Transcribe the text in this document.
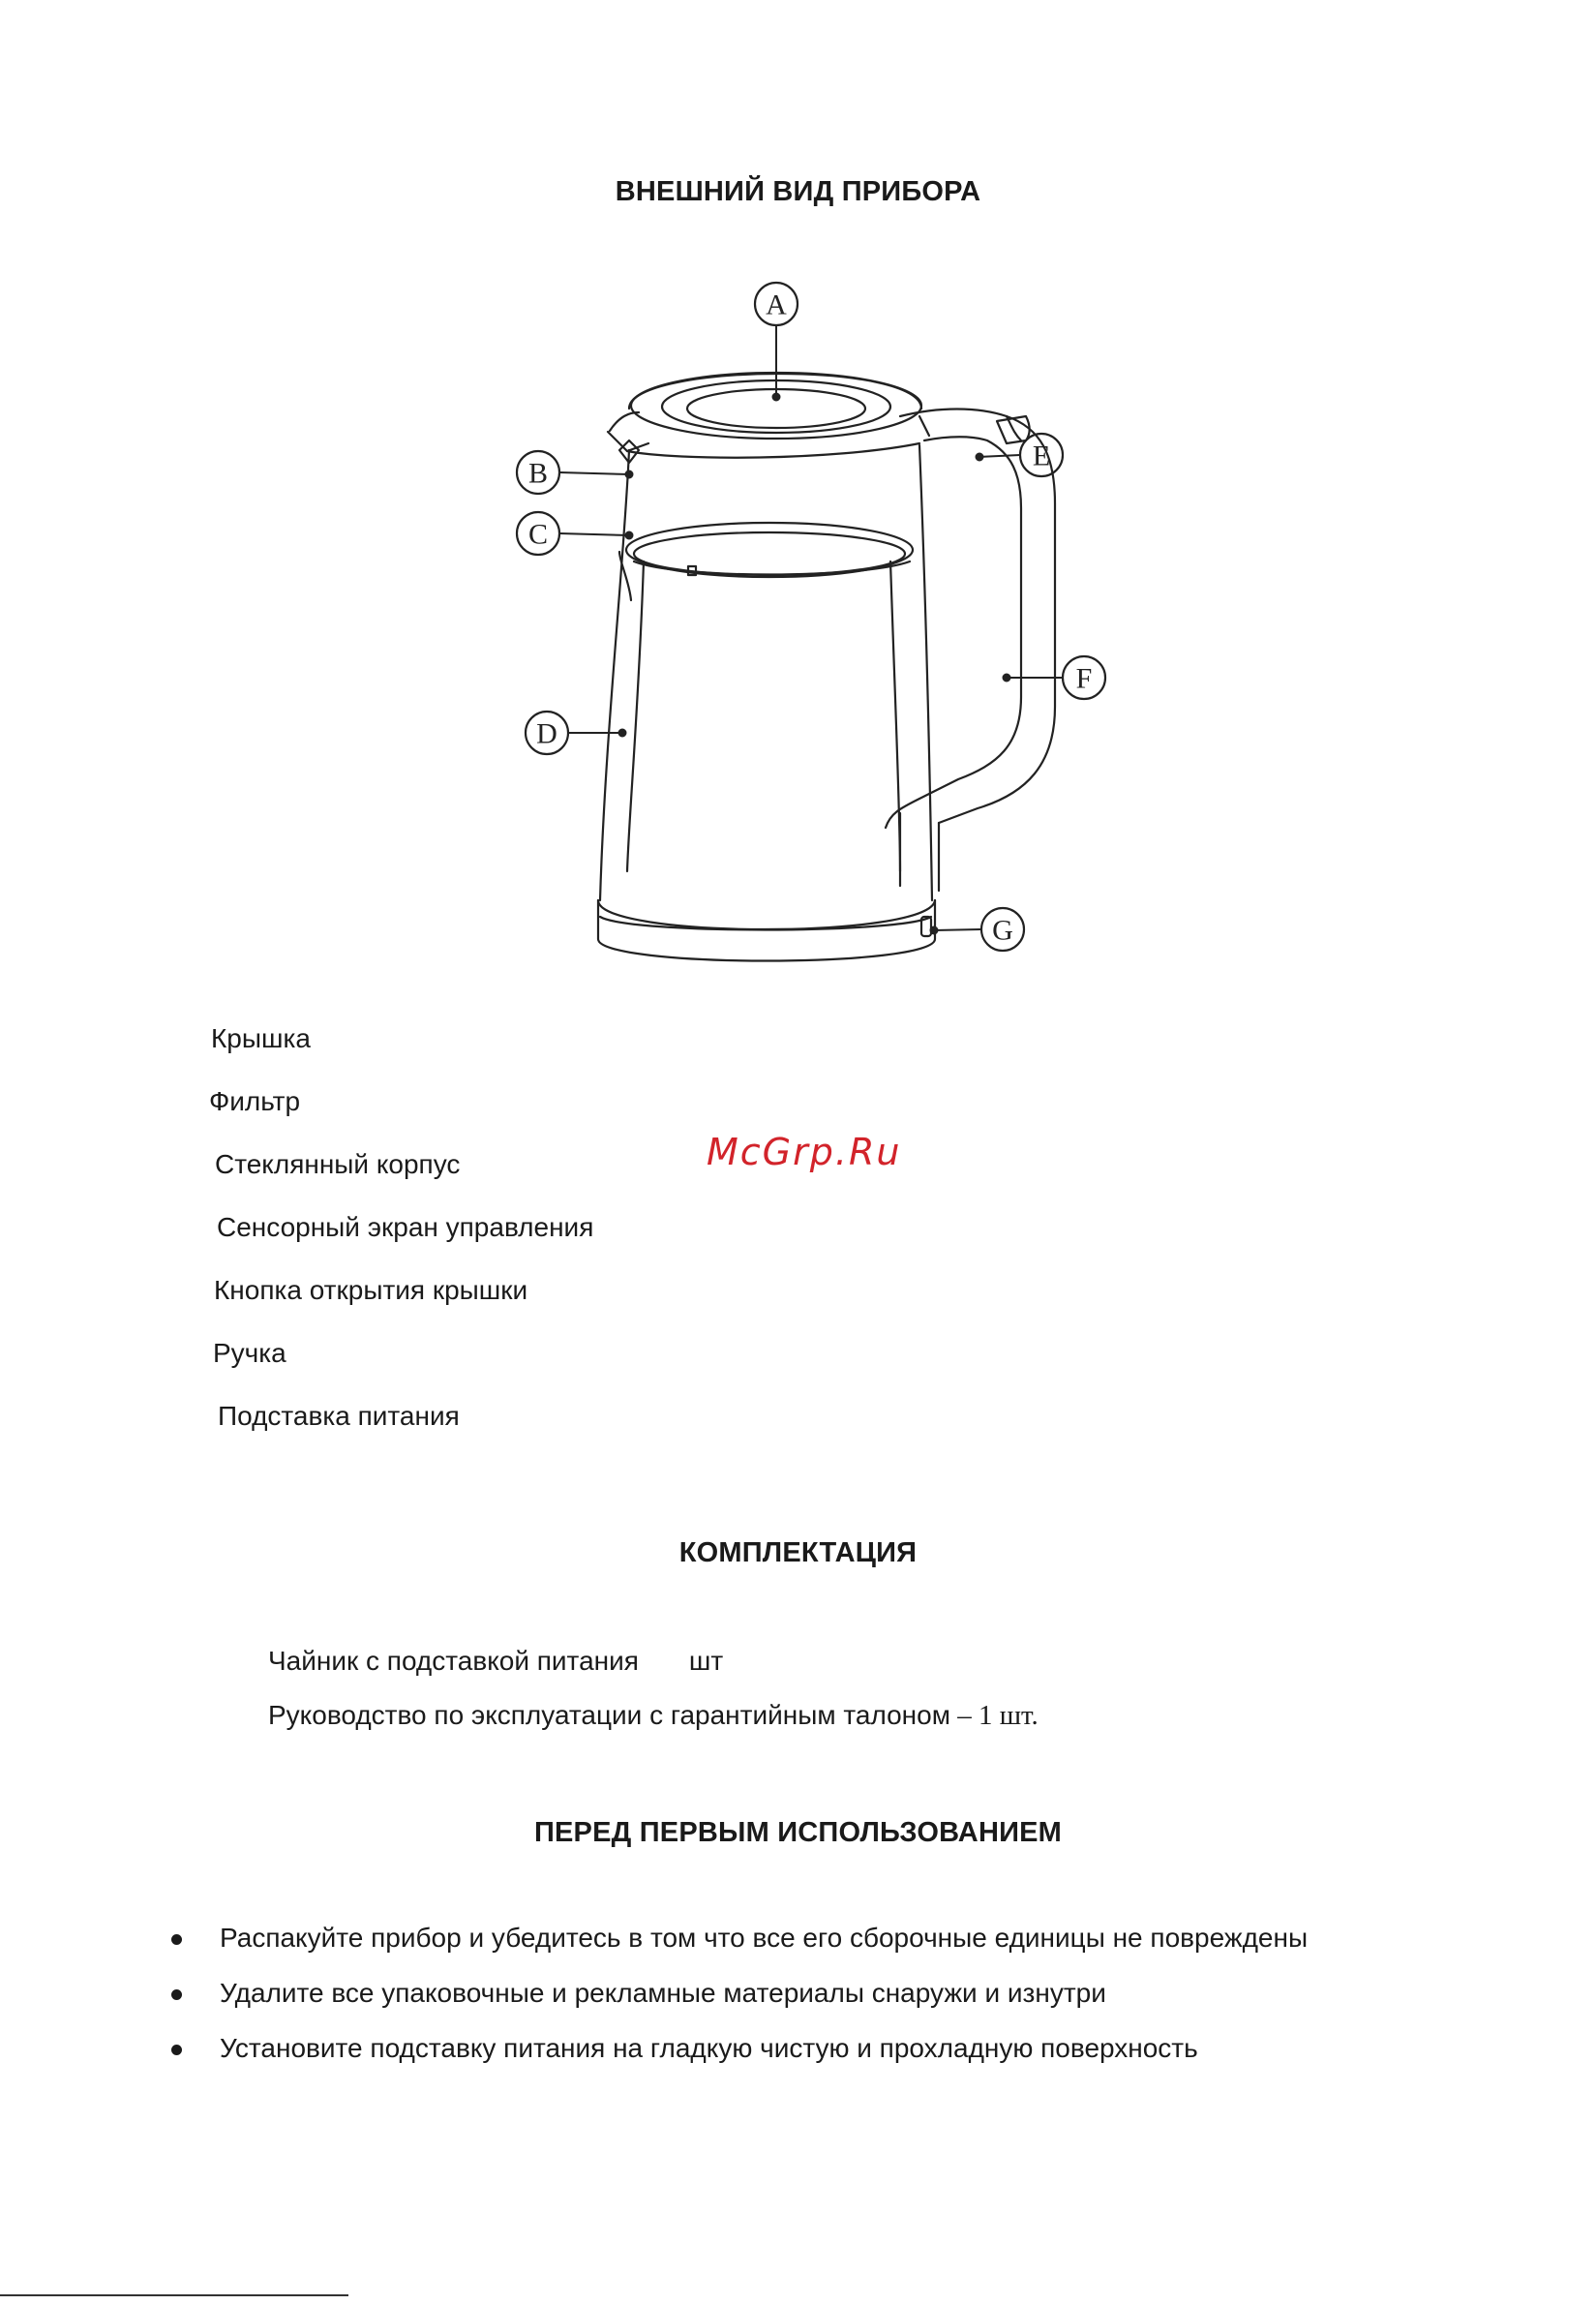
ВНЕШНИЙ ВИД ПРИБОРА
A
B
C
D
E
F
G
Крышка
Фильтр
Стеклянный корпус
Сенсорный экран управления
Кнопка открытия крышки
Ручка
Подставка питания
McGrp.Ru
КОМПЛЕКТАЦИЯ
Чайник с подставкой питания шт
Руководство по эксплуатации с гарантийным талоном – 1 шт.
ПЕРЕД ПЕРВЫМ ИСПОЛЬЗОВАНИЕМ
Распакуйте прибор и убедитесь в том что все его сборочные единицы не повреждены
Удалите все упаковочные и рекламные материалы снаружи и изнутри
Установите подставку питания на гладкую чистую и прохладную поверхность
